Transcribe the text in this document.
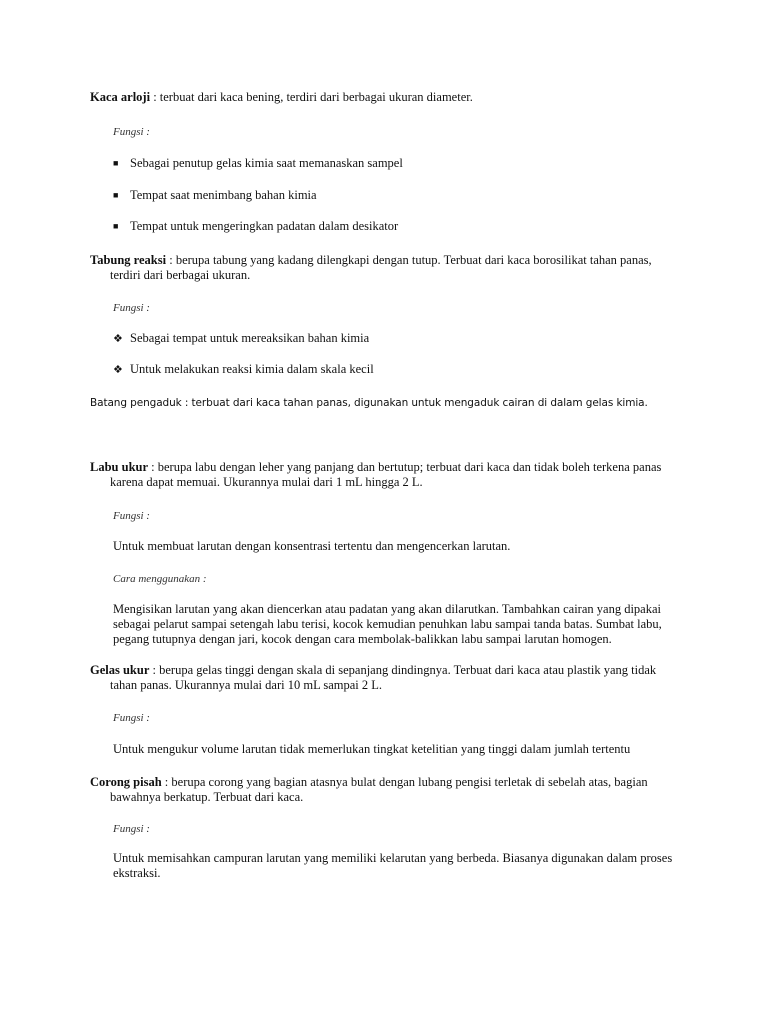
Kaca arloji : terbuat dari kaca bening, terdiri dari berbagai ukuran diameter.

Fungsi :

■ Sebagai penutup gelas kimia saat memanaskan sampel

■ Tempat saat menimbang bahan kimia

■ Tempat untuk mengeringkan padatan dalam desikator

Tabung reaksi : berupa tabung yang kadang dilengkapi dengan tutup. Terbuat dari kaca borosilikat tahan panas,
terdiri dari berbagai ukuran.

Fungsi :

❖ Sebagai tempat untuk mereaksikan bahan kimia

❖ Untuk melakukan reaksi kimia dalam skala kecil

Batang pengaduk : terbuat dari kaca tahan panas, digunakan untuk mengaduk cairan di dalam gelas kimia.

Labu ukur : berupa labu dengan leher yang panjang dan bertutup; terbuat dari kaca dan tidak boleh terkena panas
karena dapat memuai. Ukurannya mulai dari 1 mL hingga 2 L.

Fungsi :

Untuk membuat larutan dengan konsentrasi tertentu dan mengencerkan larutan.

Cara menggunakan :

Mengisikan larutan yang akan diencerkan atau padatan yang akan dilarutkan. Tambahkan cairan yang dipakai
sebagai pelarut sampai setengah labu terisi, kocok kemudian penuhkan labu sampai tanda batas. Sumbat labu,
pegang tutupnya dengan jari, kocok dengan cara membolak-balikkan labu sampai larutan homogen.

Gelas ukur : berupa gelas tinggi dengan skala di sepanjang dindingnya. Terbuat dari kaca atau plastik yang tidak
tahan panas. Ukurannya mulai dari 10 mL sampai 2 L.

Fungsi :

Untuk mengukur volume larutan tidak memerlukan tingkat ketelitian yang tinggi dalam jumlah tertentu

Corong pisah : berupa corong yang bagian atasnya bulat dengan lubang pengisi terletak di sebelah atas, bagian
bawahnya berkatup. Terbuat dari kaca.

Fungsi :

Untuk memisahkan campuran larutan yang memiliki kelarutan yang berbeda. Biasanya digunakan dalam proses
ekstraksi.
